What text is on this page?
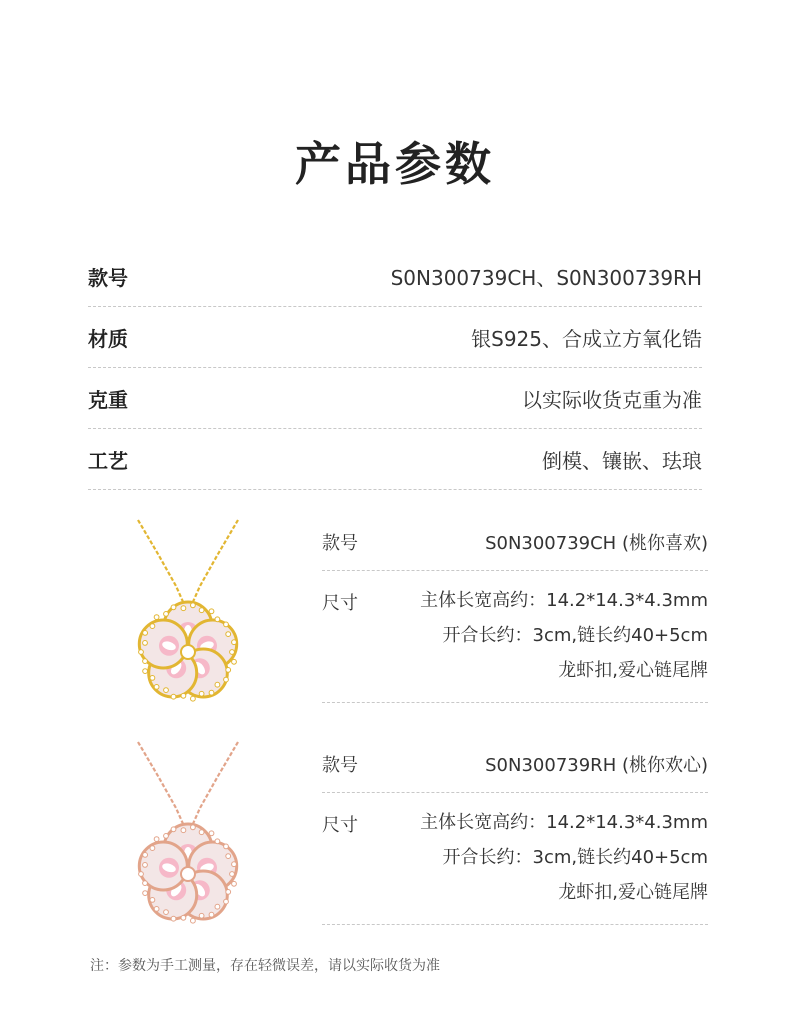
产品参数
款号	S0N300739CH、S0N300739RH
材质	银S925、合成立方氧化锆
克重	以实际收货克重为准
工艺	倒模、镶嵌、珐琅
款号	S0N300739CH (桃你喜欢)
尺寸	主体长宽高约：14.2*14.3*4.3mm
开合长约：3cm,链长约40+5cm
龙虾扣,爱心链尾牌
款号	S0N300739RH (桃你欢心)
尺寸	主体长宽高约：14.2*14.3*4.3mm
开合长约：3cm,链长约40+5cm
龙虾扣,爱心链尾牌
注：参数为手工测量，存在轻微误差，请以实际收货为准
